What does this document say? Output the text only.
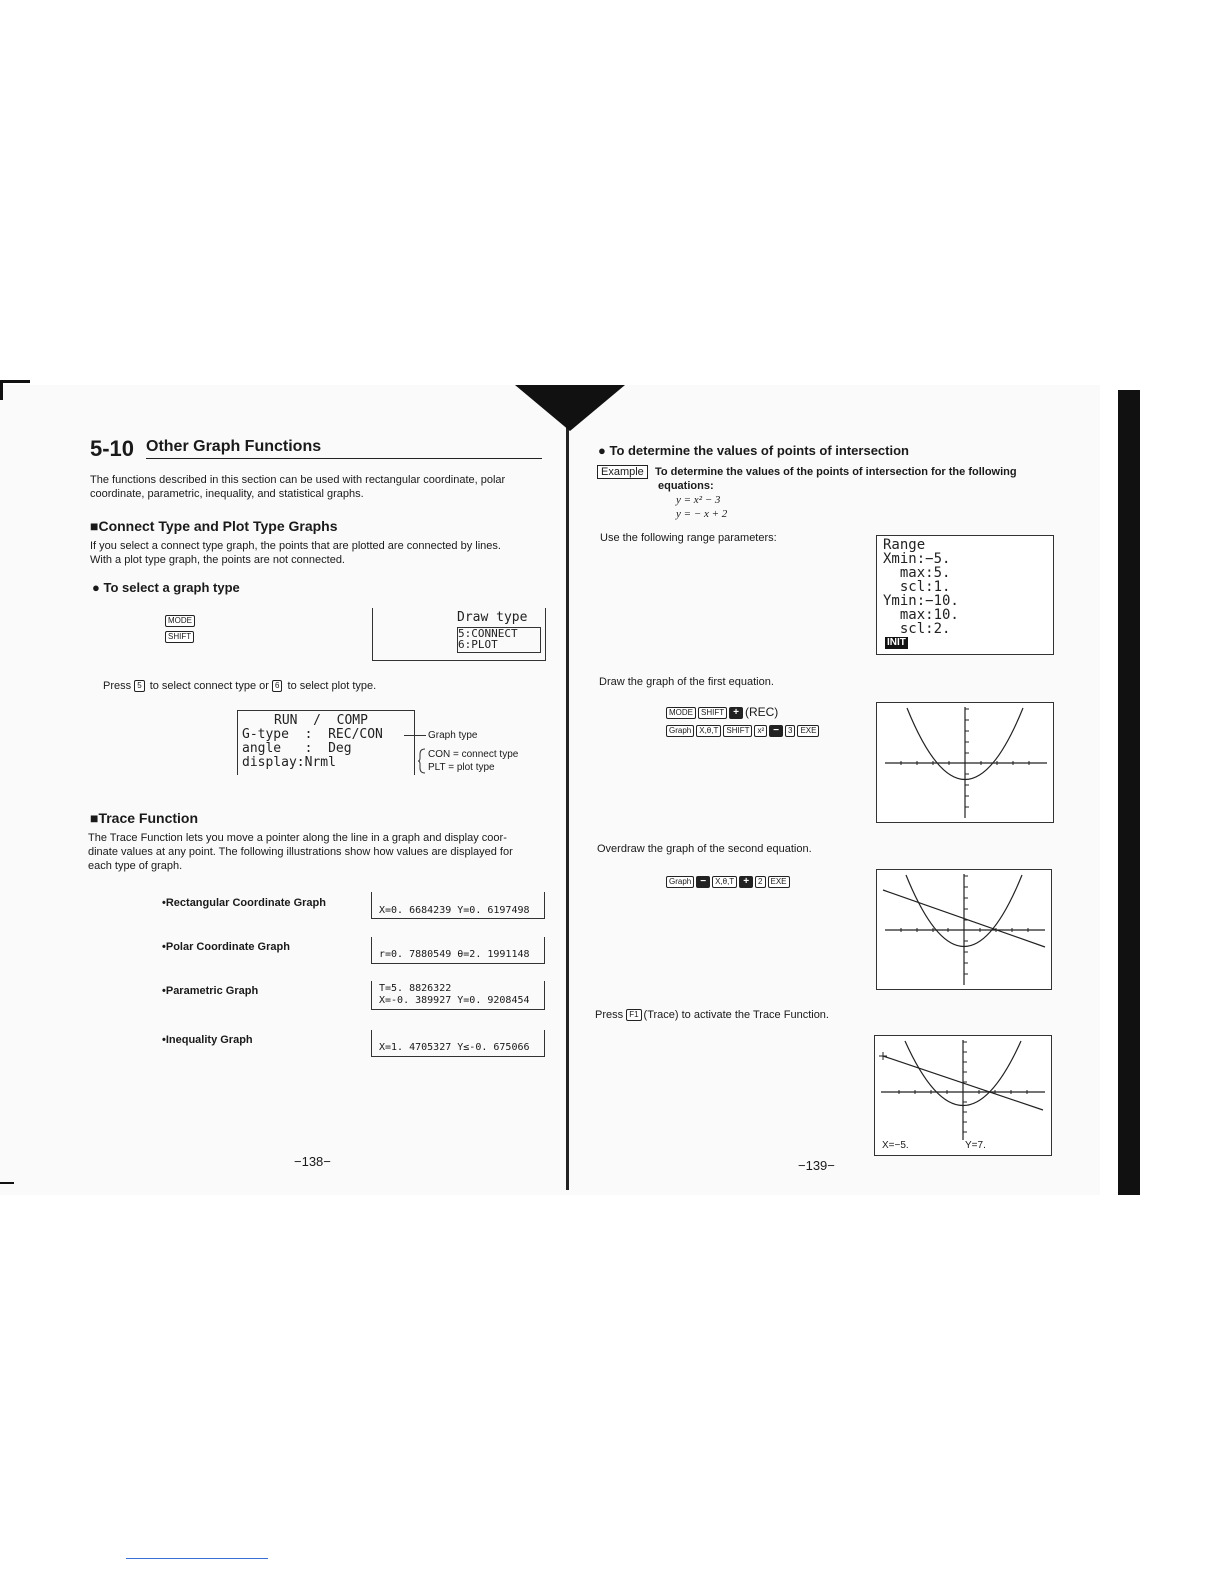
5-10 Other Graph Functions
The functions described in this section can be used with rectangular coordinate, polar
coordinate, parametric, inequality, and statistical graphs.
■Connect Type and Plot Type Graphs
If you select a connect type graph, the points that are plotted are connected by lines.
With a plot type graph, the points are not connected.
● To select a graph type
MODE
SHIFT
Draw type
5:CONNECT
6:PLOT
Press 5 to select connect type or 6 to select plot type.
RUN  /  COMP
G-type  :  REC/CON
angle   :  Deg
display:Nrml
Graph type
CON = connect type
PLT = plot type
■Trace Function
The Trace Function lets you move a pointer along the line in a graph and display coor-
dinate values at any point. The following illustrations show how values are displayed for
each type of graph.
•Rectangular Coordinate Graph
X=0. 6684239 Y=0. 6197498
•Polar Coordinate Graph
r=0. 7880549 θ=2. 1991148
•Parametric Graph	T=5. 8826322
X=-0. 389927 Y=0. 9208454
•Inequality Graph
X=1. 4705327 Y≤-0. 675066
−138−
● To determine the values of points of intersection
Example	To determine the values of the points of intersection for the following
equations:
y = x² − 3
y = − x + 2
Use the following range parameters:	Range
Xmin:−5.
max:5.
scl:1.
Ymin:−10.
max:10.
scl:2.
INIT
Draw the graph of the first equation.
MODE SHIFT + (REC)
Graph X,θ,T SHIFT x² − 3 EXE
Overdraw the graph of the second equation.
Graph − X,θ,T + 2 EXE
Press F1 (Trace) to activate the Trace Function.
X=−5.	Y=7.
−139−
